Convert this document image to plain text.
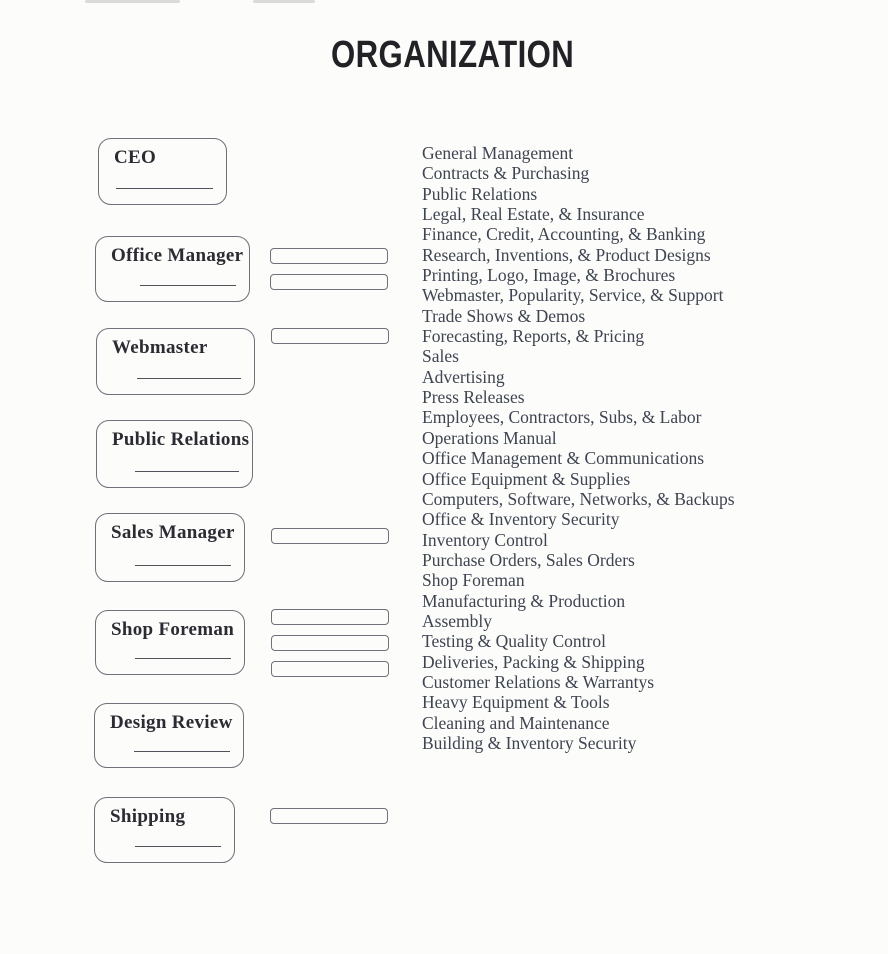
ORGANIZATION
CEO
Office Manager
Webmaster
Public Relations
Sales Manager
Shop Foreman
Design Review
Shipping
General Management
Contracts & Purchasing
Public Relations
Legal, Real Estate, & Insurance
Finance, Credit, Accounting, & Banking
Research, Inventions, & Product Designs
Printing, Logo, Image, & Brochures
Webmaster, Popularity, Service, & Support
Trade Shows & Demos
Forecasting, Reports, & Pricing
Sales
Advertising
Press Releases
Employees, Contractors, Subs, & Labor
Operations Manual
Office Management & Communications
Office Equipment & Supplies
Computers, Software, Networks, & Backups
Office & Inventory Security
Inventory Control
Purchase Orders, Sales Orders
Shop Foreman
Manufacturing & Production
Assembly
Testing & Quality Control
Deliveries, Packing & Shipping
Customer Relations & Warrantys
Heavy Equipment & Tools
Cleaning and Maintenance
Building & Inventory Security
